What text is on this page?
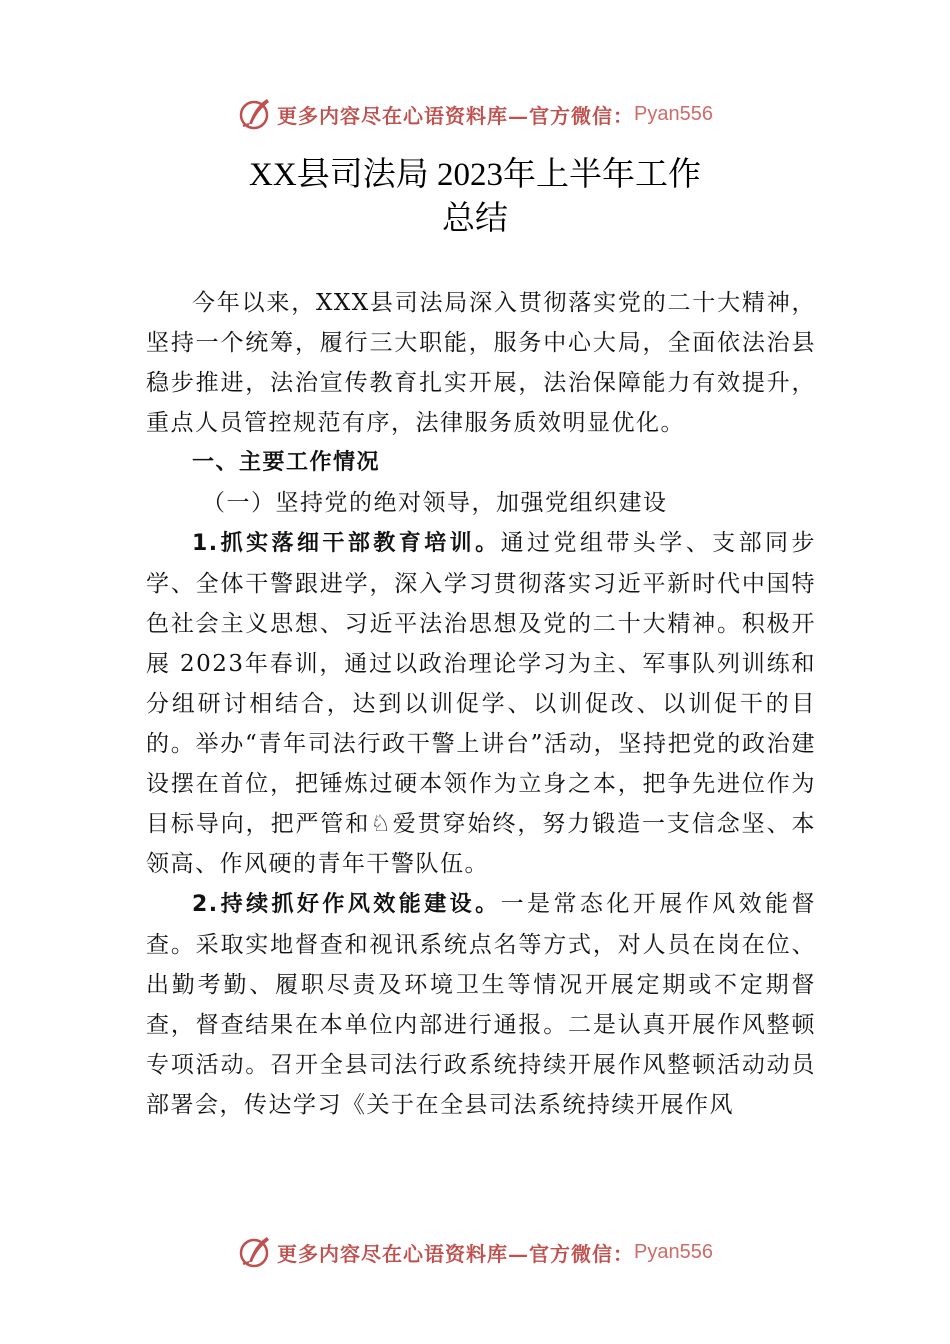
更多内容尽在心语资料库—官方微信： Pyan556
XX县司法局 2023年上半年工作
总结

今年以来，XXX县司法局深入贯彻落实党的二十大精神，坚持一个统筹，履行三大职能，服务中心大局，全面依法治县稳步推进，法治宣传教育扎实开展，法治保障能力有效提升，重点人员管控规范有序，法律服务质效明显优化。

一、主要工作情况

（一）坚持党的绝对领导，加强党组织建设

1.抓实落细干部教育培训。通过党组带头学、支部同步学、全体干警跟进学，深入学习贯彻落实习近平新时代中国特色社会主义思想、习近平法治思想及党的二十大精神。积极开展 2023年春训，通过以政治理论学习为主、军事队列训练和分组研讨相结合，达到以训促学、以训促改、以训促干的目的。举办“青年司法行政干警上讲台”活动，坚持把党的政治建设摆在首位，把锤炼过硬本领作为立身之本，把争先进位作为目标导向，把严管和♘爱贯穿始终，努力锻造一支信念坚、本领高、作风硬的青年干警队伍。

2.持续抓好作风效能建设。一是常态化开展作风效能督查。采取实地督查和视讯系统点名等方式，对人员在岗在位、出勤考勤、履职尽责及环境卫生等情况开展定期或不定期督查，督查结果在本单位内部进行通报。二是认真开展作风整顿专项活动。召开全县司法行政系统持续开展作风整顿活动动员部署会，传达学习《关于在全县司法系统持续开展作风

更多内容尽在心语资料库—官方微信： Pyan556
